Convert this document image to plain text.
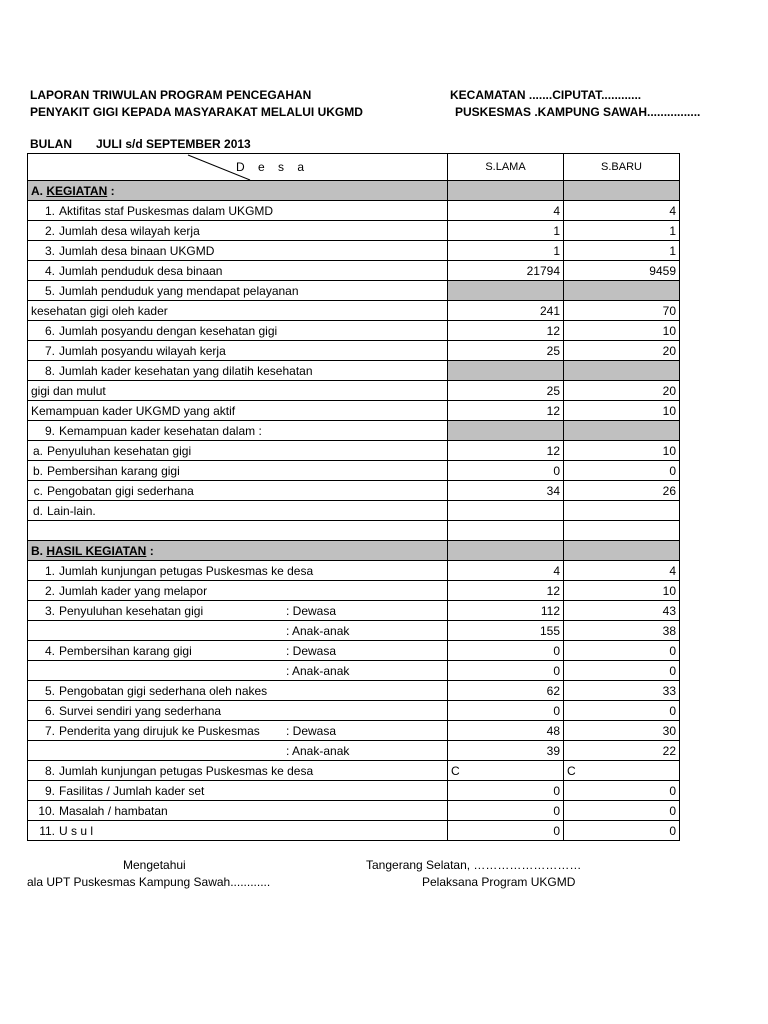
LAPORAN TRIWULAN PROGRAM PENCEGAHAN
PENYAKIT GIGI KEPADA MASYARAKAT MELALUI UKGMD
KECAMATAN .......CIPUTAT............
PUSKESMAS .KAMPUNG SAWAH................
BULAN JULI s/d SEPTEMBER 2013
D e s a	S.LAMA	S.BARU
A. KEGIATAN :		
1. Aktifitas staf Puskesmas dalam UKGMD	4	4
2. Jumlah desa wilayah kerja	1	1
3. Jumlah desa binaan UKGMD	1	1
4. Jumlah penduduk desa binaan	21794	9459
5. Jumlah penduduk yang mendapat pelayanan		
kesehatan gigi oleh kader	241	70
6. Jumlah posyandu dengan kesehatan gigi	12	10
7. Jumlah posyandu wilayah kerja	25	20
8. Jumlah kader kesehatan yang dilatih kesehatan		
gigi dan mulut	25	20
Kemampuan kader UKGMD yang aktif	12	10
9. Kemampuan kader kesehatan dalam :		
a. Penyuluhan kesehatan gigi	12	10
b. Pembersihan karang gigi	0	0
c. Pengobatan gigi sederhana	34	26
d. Lain-lain.		

B. HASIL KEGIATAN :		
1. Jumlah kunjungan petugas Puskesmas ke desa	4	4
2. Jumlah kader yang melapor	12	10
3. Penyuluhan kesehatan gigi : Dewasa	112	43

: Anak-anak	155	38
4. Pembersihan karang gigi : Dewasa	0	0

: Anak-anak	0	0
5. Pengobatan gigi sederhana oleh nakes	62	33
6. Survei sendiri yang sederhana	0	0
7. Penderita yang dirujuk ke Puskesmas : Dewasa	48	30

: Anak-anak	39	22
8. Jumlah kunjungan petugas Puskesmas ke desa	C	C
9. Fasilitas / Jumlah kader set	0	0
10. Masalah / hambatan	0	0
11. U s u l	0	0
Mengetahui
ala UPT Puskesmas Kampung Sawah............
Tangerang Selatan, ………………………
Pelaksana Program UKGMD
